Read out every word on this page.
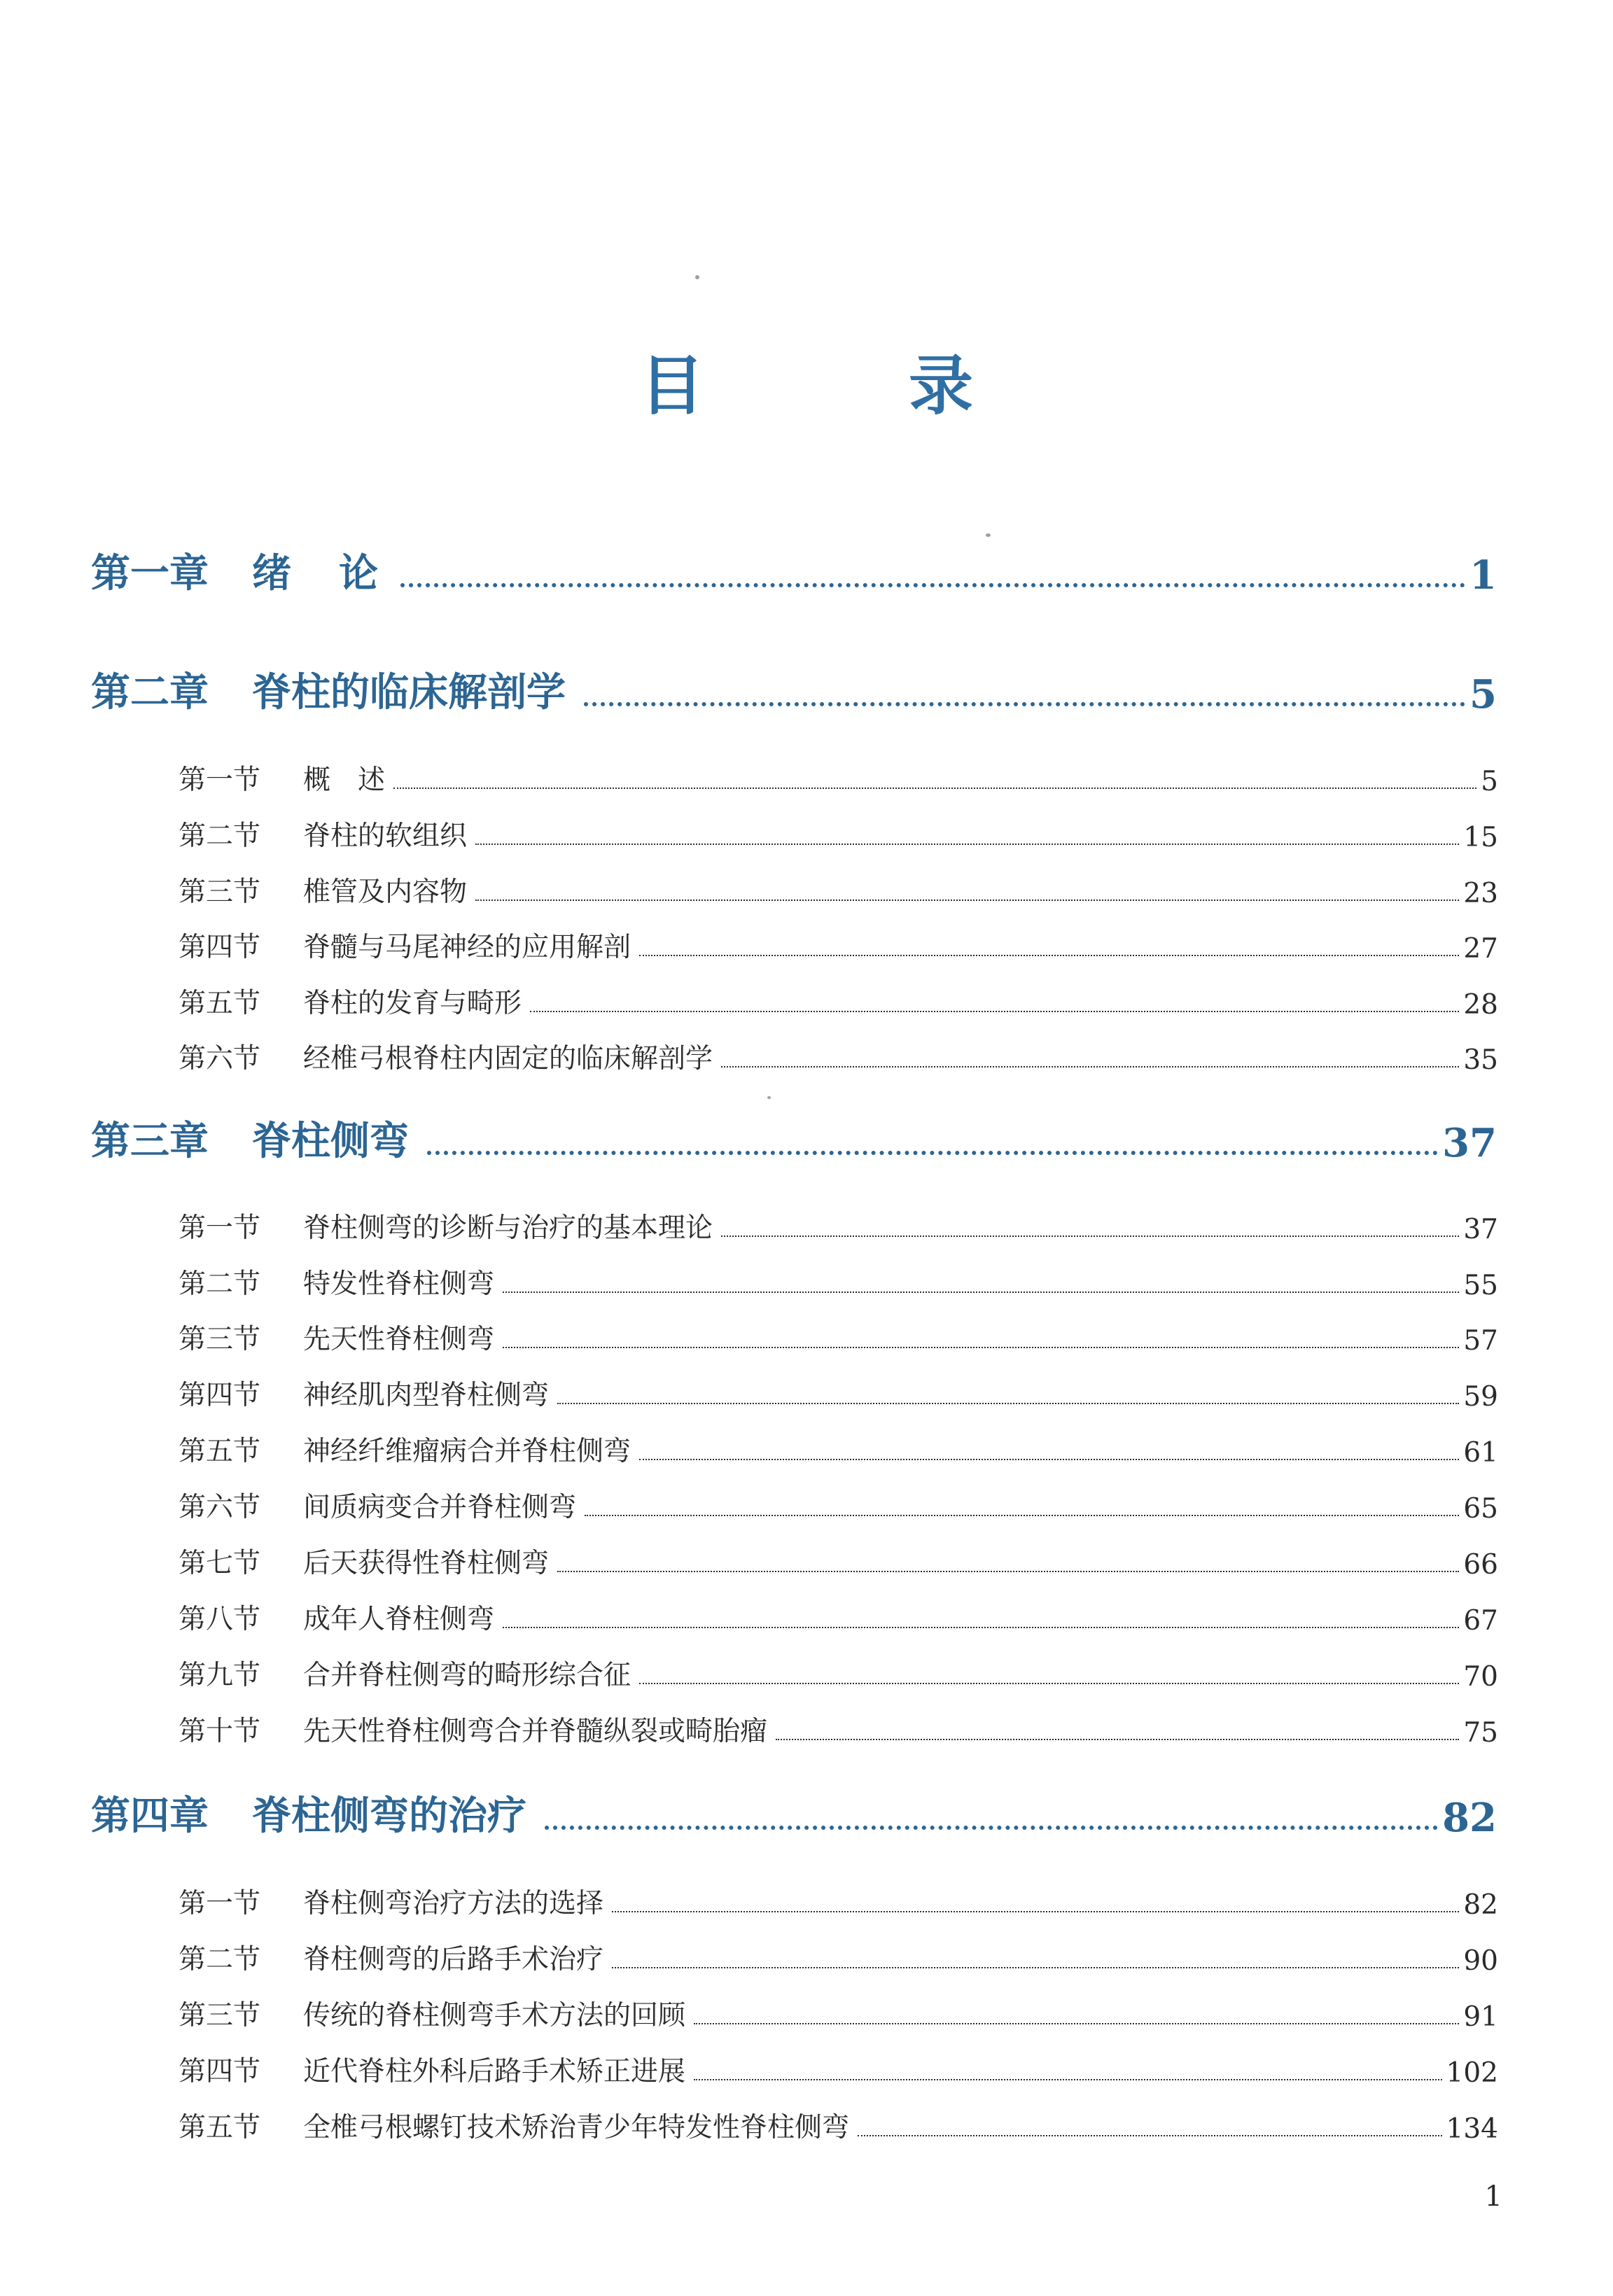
目　录
第一章	绪　论	1
第二章	脊柱的临床解剖学	5
第一节	概　述	5
第二节	脊柱的软组织	15
第三节	椎管及内容物	23
第四节	脊髓与马尾神经的应用解剖	27
第五节	脊柱的发育与畸形	28
第六节	经椎弓根脊柱内固定的临床解剖学	35
第三章	脊柱侧弯	37
第一节	脊柱侧弯的诊断与治疗的基本理论	37
第二节	特发性脊柱侧弯	55
第三节	先天性脊柱侧弯	57
第四节	神经肌肉型脊柱侧弯	59
第五节	神经纤维瘤病合并脊柱侧弯	61
第六节	间质病变合并脊柱侧弯	65
第七节	后天获得性脊柱侧弯	66
第八节	成年人脊柱侧弯	67
第九节	合并脊柱侧弯的畸形综合征	70
第十节	先天性脊柱侧弯合并脊髓纵裂或畸胎瘤	75
第四章	脊柱侧弯的治疗	82
第一节	脊柱侧弯治疗方法的选择	82
第二节	脊柱侧弯的后路手术治疗	90
第三节	传统的脊柱侧弯手术方法的回顾	91
第四节	近代脊柱外科后路手术矫正进展	102
第五节	全椎弓根螺钉技术矫治青少年特发性脊柱侧弯	134
1
